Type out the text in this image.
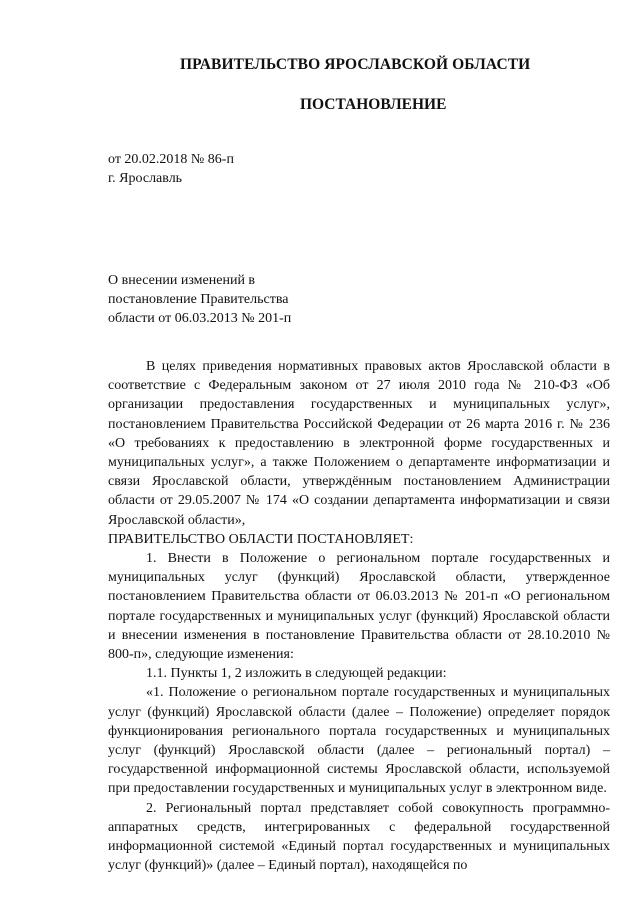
ПРАВИТЕЛЬСТВО ЯРОСЛАВСКОЙ ОБЛАСТИ
ПОСТАНОВЛЕНИЕ
от 20.02.2018 № 86-п
г. Ярославль
О внесении изменений в
постановление Правительства
области от 06.03.2013 № 201-п

В целях приведения нормативных правовых актов Ярославской области в соответствие с Федеральным законом от 27 июля 2010 года № 210-ФЗ «Об организации предоставления государственных и муниципальных услуг», постановлением Правительства Российской Федерации от 26 марта 2016 г. № 236 «О требованиях к предоставлению в электронной форме государственных и муниципальных услуг», а также Положением о департаменте информатизации и связи Ярославской области, утверждённым постановлением Администрации области от 29.05.2007 № 174 «О создании департамента информатизации и связи Ярославской области»,

ПРАВИТЕЛЬСТВО ОБЛАСТИ ПОСТАНОВЛЯЕТ:

1. Внести в Положение о региональном портале государственных и муниципальных услуг (функций) Ярославской области, утвержденное постановлением Правительства области от 06.03.2013 № 201-п «О региональном портале государственных и муниципальных услуг (функций) Ярославской области и внесении изменения в постановление Правительства области от 28.10.2010 № 800-п», следующие изменения:

1.1. Пункты 1, 2 изложить в следующей редакции:

«1. Положение о региональном портале государственных и муниципальных услуг (функций) Ярославской области (далее – Положение) определяет порядок функционирования регионального портала государственных и муниципальных услуг (функций) Ярославской области (далее – региональный портал) – государственной информационной системы Ярославской области, используемой при предоставлении государственных и муниципальных услуг в электронном виде.

2. Региональный портал представляет собой совокупность программно-аппаратных средств, интегрированных с федеральной государственной информационной системой «Единый портал государственных и муниципальных услуг (функций)» (далее – Единый портал), находящейся по
